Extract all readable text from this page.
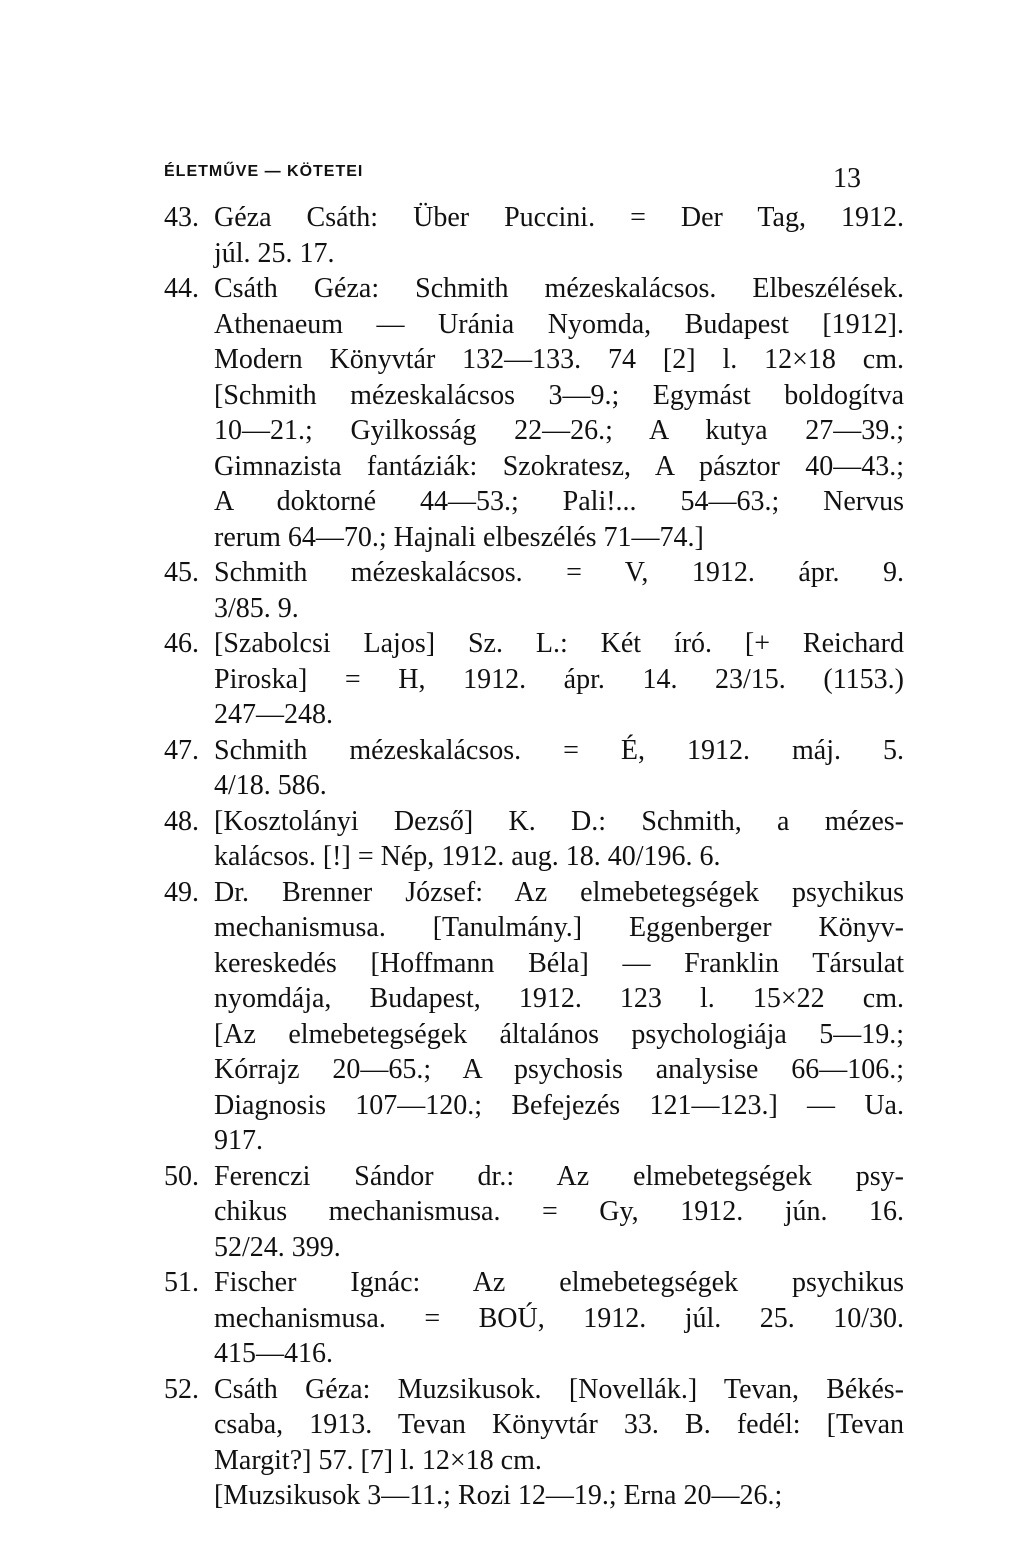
ÉLETMŰVE — KÖTETEI	13
43. Géza Csáth: Über Puccini. = Der Tag, 1912.
júl. 25. 17.
44. Csáth Géza: Schmith mézeskalácsos. Elbeszélések.
Athenaeum — Uránia Nyomda, Budapest [1912].
Modern Könyvtár 132—133. 74 [2] l. 12×18 cm.
[Schmith mézeskalácsos 3—9.; Egymást boldogítva
10—21.; Gyilkosság 22—26.; A kutya 27—39.;
Gimnazista fantáziák: Szokratesz, A pásztor 40—43.;
A doktorné 44—53.; Pali!... 54—63.; Nervus
rerum 64—70.; Hajnali elbeszélés 71—74.]
45. Schmith mézeskalácsos. = V, 1912. ápr. 9.
3/85. 9.
46. [Szabolcsi Lajos] Sz. L.: Két író. [+ Reichard
Piroska] = H, 1912. ápr. 14. 23/15. (1153.)
247—248.
47. Schmith mézeskalácsos. = É, 1912. máj. 5.
4/18. 586.
48. [Kosztolányi Dezső] K. D.: Schmith, a mézes-
kalácsos. [!] = Nép, 1912. aug. 18. 40/196. 6.
49. Dr. Brenner József: Az elmebetegségek psychikus
mechanismusa. [Tanulmány.] Eggenberger Könyv-
kereskedés [Hoffmann Béla] — Franklin Társulat
nyomdája, Budapest, 1912. 123 l. 15×22 cm.
[Az elmebetegségek általános psychologiája 5—19.;
Kórrajz 20—65.; A psychosis analysise 66—106.;
Diagnosis 107—120.; Befejezés 121—123.] — Ua.
917.
50. Ferenczi Sándor dr.: Az elmebetegségek psy-
chikus mechanismusa. = Gy, 1912. jún. 16.
52/24. 399.
51. Fischer Ignác: Az elmebetegségek psychikus
mechanismusa. = BOÚ, 1912. júl. 25. 10/30.
415—416.
52. Csáth Géza: Muzsikusok. [Novellák.] Tevan, Békés-
csaba, 1913. Tevan Könyvtár 33. B. fedél: [Tevan
Margit?] 57. [7] l. 12×18 cm.
[Muzsikusok 3—11.; Rozi 12—19.; Erna 20—26.;
